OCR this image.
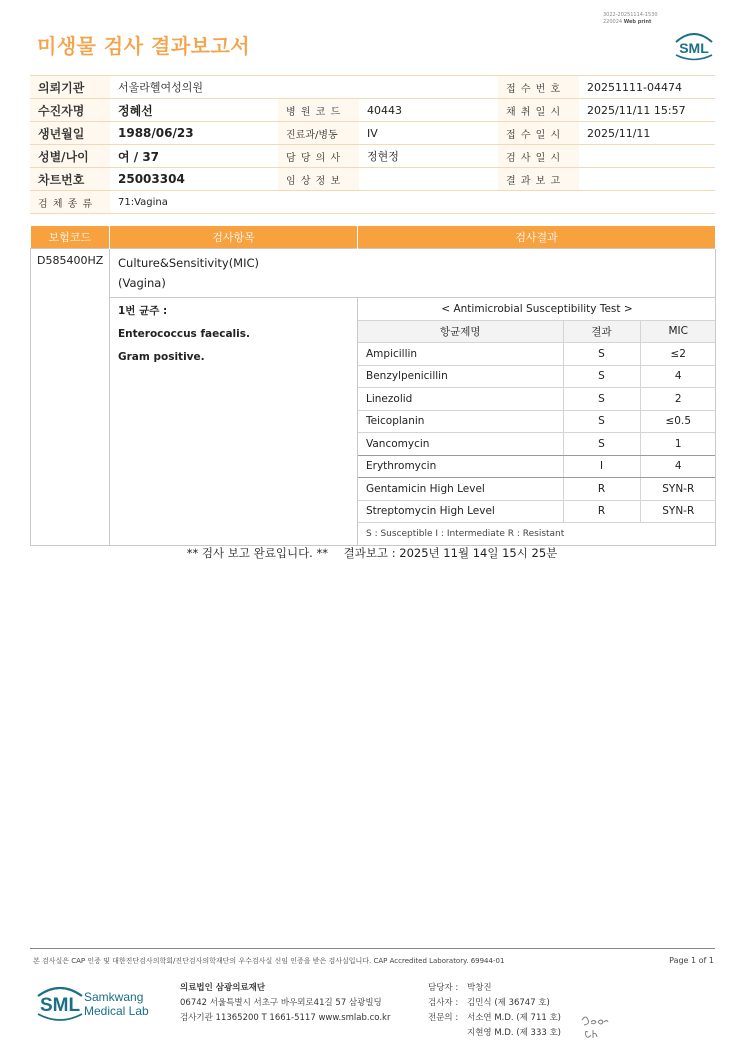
3022-20251114-1530
220024 Web print
미생물 검사 결과보고서	SML
의뢰기관	서울라헬여성의원			접 수 번 호	20251111-04474
수진자명	정혜선	병 원 코 드	40443	채 취 일 시	2025/11/11 15:57
생년월일	1988/06/23	진료과/병동	IV	접 수 일 시	2025/11/11
성별/나이	여 / 37	담 당 의 사	정현정	검 사 일 시	
차트번호	25003304	임 상 정 보		결 과 보 고	
검 체 종 류	71:Vagina				
보험코드	검사항목	검사결과
D585400HZ	Culture&Sensitivity(MIC)
(Vagina)

1번 균주 :
Enterococcus faecalis.
Gram positive.

< Antimicrobial Susceptibility Test >
항균제명	결과	MIC
Ampicillin	S	≤2
Benzylpenicillin	S	4
Linezolid	S	2
Teicoplanin	S	≤0.5
Vancomycin	S	1
Erythromycin	I	4
Gentamicin High Level	R	SYN-R
Streptomycin High Level	R	SYN-R
S : Susceptible I : Intermediate R : Resistant
** 검사 보고 완료입니다. ** 결과보고 : 2025년 11월 14일 15시 25분
본 검사실은 CAP 인증 및 대한진단검사의학회/진단검사의학재단의 우수검사실 신임 인증을 받은 검사실입니다. CAP Accredited Laboratory. 69944-01	Page 1 of 1
SML Samkwang
Medical Lab
의료법인 삼광의료재단
06742 서울특별시 서초구 바우뫼로41길 57 삼광빌딩
검사기관 11365200 T 1661-5117 www.smlab.co.kr
담당자 :	박창진
검사자 :	김민식 (제 36747 호)
전문의 :	서소연 M.D. (제 711 호)
지현영 M.D. (제 333 호)
